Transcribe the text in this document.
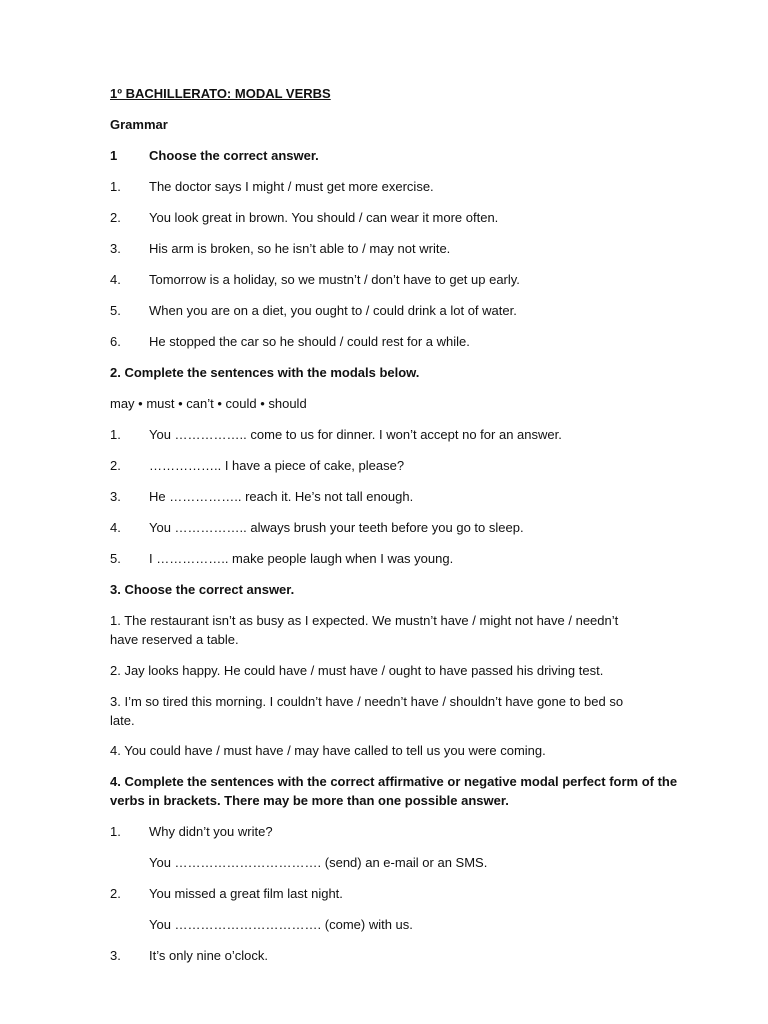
1º BACHILLERATO: MODAL VERBS
Grammar
1 Choose the correct answer.
1. The doctor says I might / must get more exercise.
2. You look great in brown. You should / can wear it more often.
3. His arm is broken, so he isn’t able to / may not write.
4. Tomorrow is a holiday, so we mustn’t / don’t have to get up early.
5. When you are on a diet, you ought to / could drink a lot of water.
6. He stopped the car so he should / could rest for a while.
2. Complete the sentences with the modals below.
may • must • can’t • could • should
1. You …………….. come to us for dinner. I won’t accept no for an answer.
2. …………….. I have a piece of cake, please?
3. He …………….. reach it. He’s not tall enough.
4. You …………….. always brush your teeth before you go to sleep.
5. I …………….. make people laugh when I was young.
3. Choose the correct answer.
1. The restaurant isn’t as busy as I expected. We mustn’t have / might not have / needn’t
have reserved a table.
2. Jay looks happy. He could have / must have / ought to have passed his driving test.
3. I’m so tired this morning. I couldn’t have / needn’t have / shouldn’t have gone to bed so
late.
4. You could have / must have / may have called to tell us you were coming.
4. Complete the sentences with the correct affirmative or negative modal perfect form of the
verbs in brackets. There may be more than one possible answer.
1. Why didn’t you write?
You ……………………………. (send) an e-mail or an SMS.
2. You missed a great film last night.
You ……………………………. (come) with us.
3. It’s only nine o’clock.
